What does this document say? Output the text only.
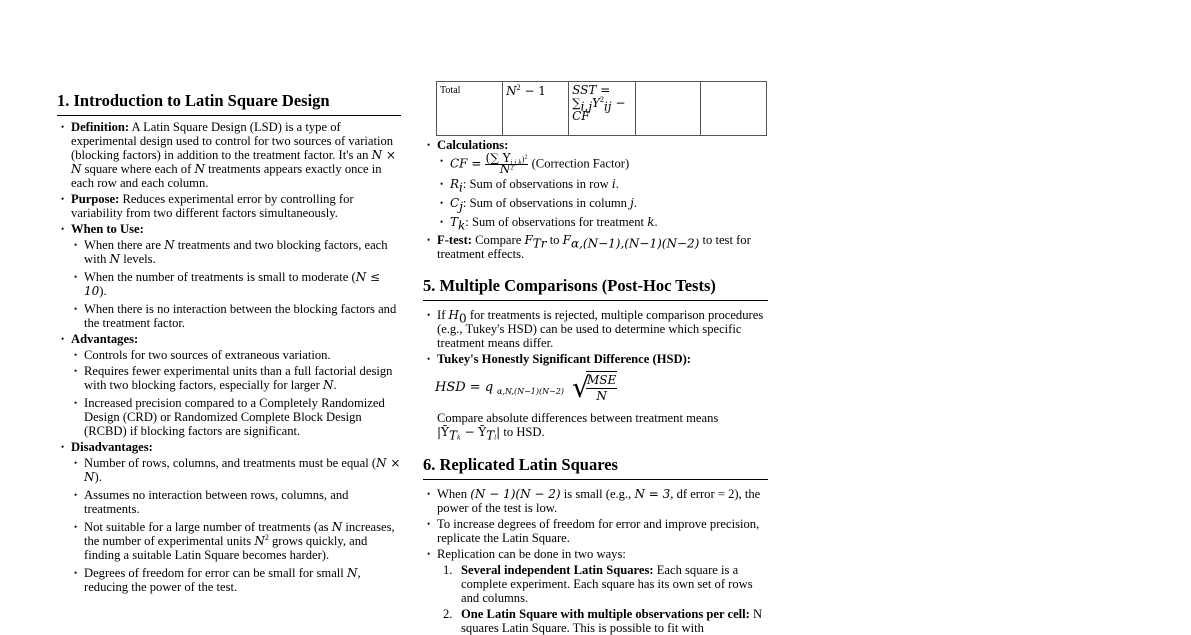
1. Introduction to Latin Square Design
• Definition: A Latin Square Design (LSD) is a type of experimental design used to control for two sources of variation (blocking factors) in addition to the treatment factor. It's an N × N square where each of N treatments appears exactly once in each row and each column.
• Purpose: Reduces experimental error by controlling for variability from two different factors simultaneously.
• When to Use:
• When there are N treatments and two blocking factors, each with N levels.
• When the number of treatments is small to moderate (N ≤ 10).
• When there is no interaction between the blocking factors and the treatment factor.
• Advantages:
• Controls for two sources of extraneous variation.
• Requires fewer experimental units than a full factorial design with two blocking factors, especially for larger N.
• Increased precision compared to a Completely Randomized Design (CRD) or Randomized Complete Block Design (RCBD) if blocking factors are significant.
• Disadvantages:
• Number of rows, columns, and treatments must be equal (N × N).
• Assumes no interaction between rows, columns, and treatments.
• Not suitable for a large number of treatments (as N increases, the number of experimental units $N^2$ grows quickly, and finding a suitable Latin Square becomes harder).
• Degrees of freedom for error can be small for small N, reducing the power of the test.
Total	$N^2 - 1$	SST =
$\sum_{i,j}Y^2_{ij}$ −
CF		
• Calculations:
• CF = $\frac{(\sum Y_{i,j,k})^2}{N^2}$ (Correction Factor)
• $R_i$: Sum of observations in row i.
• $C_j$: Sum of observations in column j.
• $T_k$: Sum of observations for treatment k.
• F-test: Compare $F_{Tr}$ to $F_{\alpha,(N-1),(N-1)(N-2)}$ to test for treatment effects.
5. Multiple Comparisons (Post-Hoc Tests)
• If $H_0$ for treatments is rejected, multiple comparison procedures (e.g., Tukey's HSD) can be used to determine which specific treatment means differ.
• Tukey's Honestly Significant Difference (HSD):
HSD = q α,N,(N−1)(N−2) √
MSE
N
Compare absolute differences between treatment means
$|Ȳ_{Tk}$ − $Ȳ_{Tl}|$ to HSD.
6. Replicated Latin Squares
• When (N − 1)(N − 2) is small (e.g., N = 3, df error = 2), the power of the test is low.
• To increase degrees of freedom for error and improve precision, replicate the Latin Square.
• Replication can be done in two ways:
1. Several independent Latin Squares: Each square is a complete experiment. Each square has its own set of rows and columns.
2. One Latin Square with multiple observations per cell: N squares Latin Square. This is possible to fit with
